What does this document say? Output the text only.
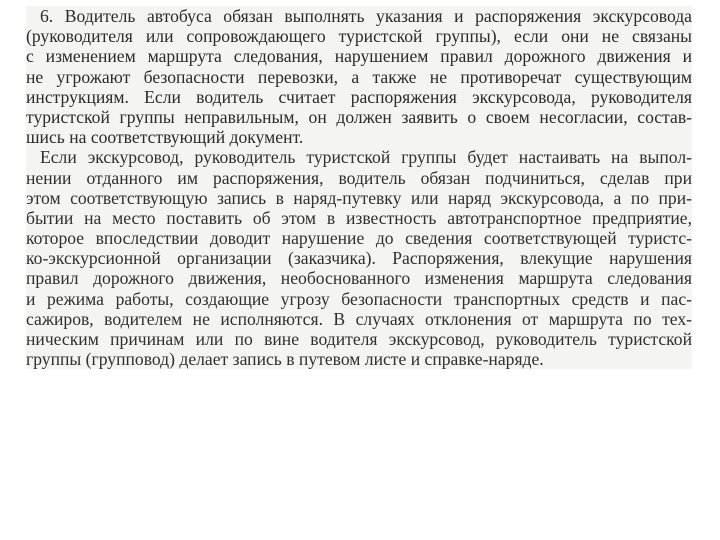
6. Водитель автобуса обязан выполнять указания и распоряжения экскурсовода
(руководителя или сопровождающего туристской группы), если они не связаны
с изменением маршрута следования, нарушением правил дорожного движения и
не угрожают безопасности перевозки, а также не противоречат существующим
инструкциям. Если водитель считает распоряжения экскурсовода, руководителя
туристской группы неправильным, он должен заявить о своем несогласии, состав-
шись на соответствующий документ.
Если экскурсовод, руководитель туристской группы будет настаивать на выпол-
нении отданного им распоряжения, водитель обязан подчиниться, сделав при
этом соответствующую запись в наряд-путевку или наряд экскурсовода, а по при-
бытии на место поставить об этом в известность автотранспортное предприятие,
которое впоследствии доводит нарушение до сведения соответствующей туристс-
ко-экскурсионной организации (заказчика). Распоряжения, влекущие нарушения
правил дорожного движения, необоснованного изменения маршрута следования
и режима работы, создающие угрозу безопасности транспортных средств и пас-
сажиров, водителем не исполняются. В случаях отклонения от маршрута по тех-
ническим причинам или по вине водителя экскурсовод, руководитель туристской
группы (групповод) делает запись в путевом листе и справке-наряде.
